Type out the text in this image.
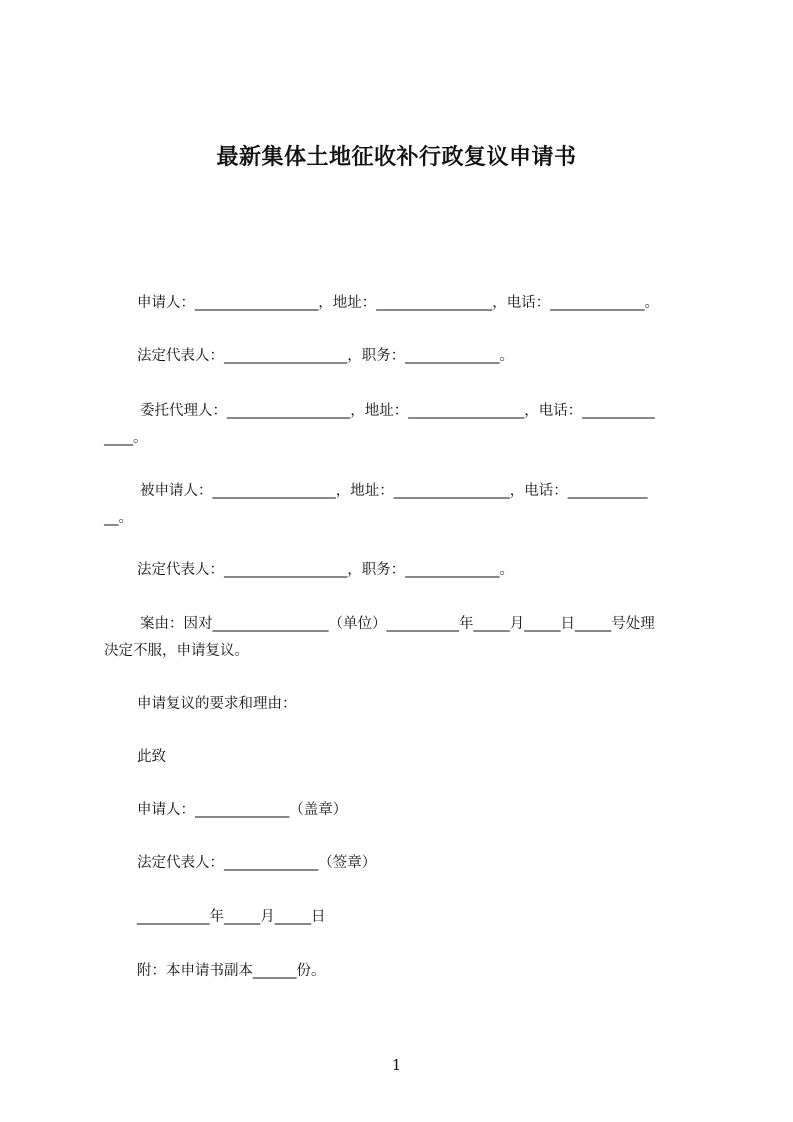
最新集体土地征收补行政复议申请书
申请人：_________________，地址：________________，电话：_____________。
法定代表人：_________________，职务：_____________。
委托代理人：_________________，地址：________________，电话：__________
____。
被申请人：_________________，地址：________________，电话：___________
__。
法定代表人：_________________，职务：_____________。
案由：因对________________（单位）__________年_____月_____日_____号处理
决定不服，申请复议。
申请复议的要求和理由：
此致
申请人：_____________（盖章）
法定代表人：_____________（签章）
__________年_____月_____日
附：本申请书副本______份。
1
